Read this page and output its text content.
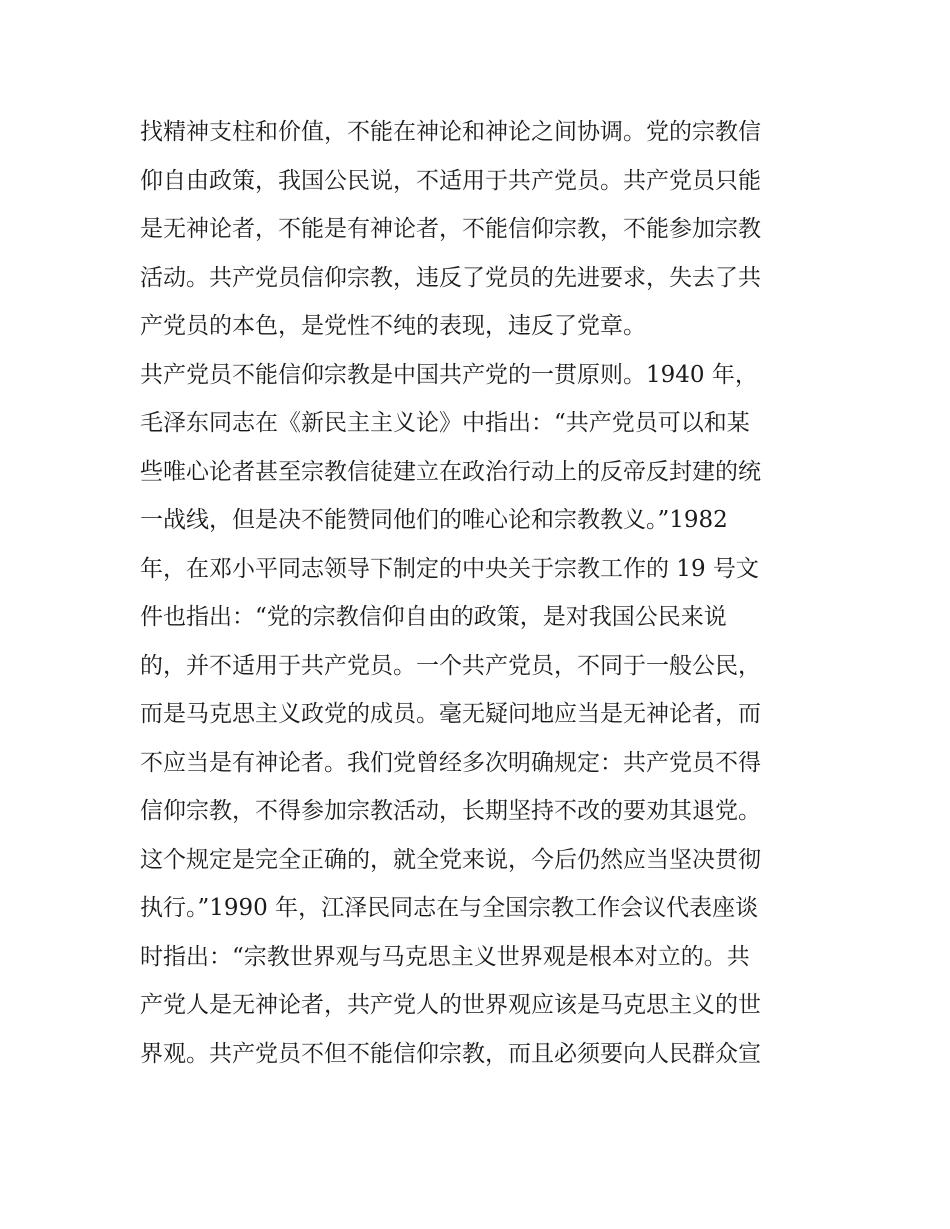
找精神支柱和价值，不能在神论和神论之间协调。党的宗教信
仰自由政策，我国公民说，不适用于共产党员。共产党员只能
是无神论者，不能是有神论者，不能信仰宗教，不能参加宗教
活动。共产党员信仰宗教，违反了党员的先进要求，失去了共
产党员的本色，是党性不纯的表现，违反了党章。
共产党员不能信仰宗教是中国共产党的一贯原则。1940 年，
毛泽东同志在《新民主主义论》中指出：“共产党员可以和某
些唯心论者甚至宗教信徒建立在政治行动上的反帝反封建的统
一战线，但是决不能赞同他们的唯心论和宗教教义。”1982
年，在邓小平同志领导下制定的中央关于宗教工作的 19 号文
件也指出：“党的宗教信仰自由的政策，是对我国公民来说
的，并不适用于共产党员。一个共产党员，不同于一般公民，
而是马克思主义政党的成员。毫无疑问地应当是无神论者，而
不应当是有神论者。我们党曾经多次明确规定：共产党员不得
信仰宗教，不得参加宗教活动，长期坚持不改的要劝其退党。
这个规定是完全正确的，就全党来说，今后仍然应当坚决贯彻
执行。”1990 年，江泽民同志在与全国宗教工作会议代表座谈
时指出：“宗教世界观与马克思主义世界观是根本对立的。共
产党人是无神论者，共产党人的世界观应该是马克思主义的世
界观。共产党员不但不能信仰宗教，而且必须要向人民群众宣
